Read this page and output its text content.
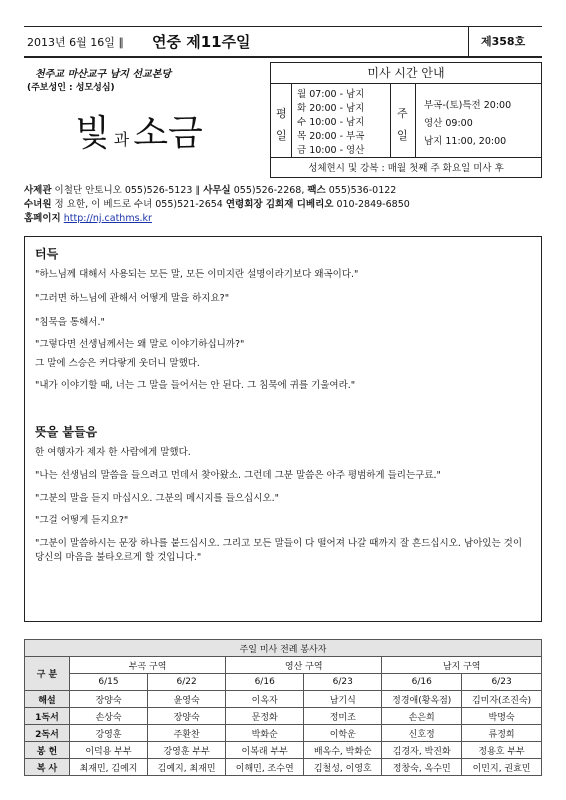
2013년 6월 16일 ∥ 연중 제11주일	제358호
천주교 마산교구 남지 선교본당
(주보성인 : 성모성심)
빛과 소금
미사 시간 안내
평일
월 07:00 - 남지
화 20:00 - 남지
수 10:00 - 남지
목 20:00 - 부곡
금 10:00 - 영산
주일
부곡-(토)특전 20:00
영산 09:00
남지 11:00, 20:00
성체현시 및 강복 : 매월 첫째 주 화요일 미사 후
사제관 이철단 안토니오 055)526-5123 ∥ 사무실 055)526-2268, 팩스 055)536-0122
수녀원 정 요한, 이 베드로 수녀 055)521-2654 연령회장 김희재 디베리오 010-2849-6850
홈페이지 http://nj.cathms.kr
터득
"하느님께 대해서 사용되는 모든 말, 모든 이미지란 설명이라기보다 왜곡이다."
"그러면 하느님에 관해서 어떻게 말을 하지요?"
"침묵을 통해서."
"그렇다면 선생님께서는 왜 말로 이야기하십니까?"
그 말에 스승은 커다랗게 웃더니 말했다.
"내가 이야기할 때, 너는 그 말을 들어서는 안 된다. 그 침묵에 귀를 기울여라."
뜻을 붙들음
한 여행자가 제자 한 사람에게 말했다.
"나는 선생님의 말씀을 들으려고 먼데서 찾아왔소. 그런데 그분 말씀은 아주 평범하게 들리는구료."
"그분의 말을 듣지 마십시오. 그분의 메시지를 들으십시오."
"그걸 어떻게 듣지요?"
"그분이 말씀하시는 문장 하나를 붙드십시오. 그리고 모든 말들이 다 떨어져 나갈 때까지 잘 흔드십시오. 남아있는 것이 당신의 마음을 불타오르게 할 것입니다."
주일 미사 전례 봉사자						
구 분	부곡 구역		영산 구역		남지 구역	
	6/15	6/22	6/16	6/23	6/16	6/23
해설	장양숙	윤영숙	이옥자	남기식	정경애(황옥점)	김미자(조진숙)
1독서	손상숙	장양숙	문정화	정미조	손은희	박명숙
2독서	강영훈	주환찬	박화순	이학운	신호정	류정희
봉 헌	이덕용 부부	강영훈 부부	이복래 부부	배옥수, 박화순	김경자, 박진화	정용호 부부
복 사	최재민, 김예지	김예지, 최재민	이해민, 조수연	김철성, 이영호	정창숙, 옥수민	이민지, 권효민
